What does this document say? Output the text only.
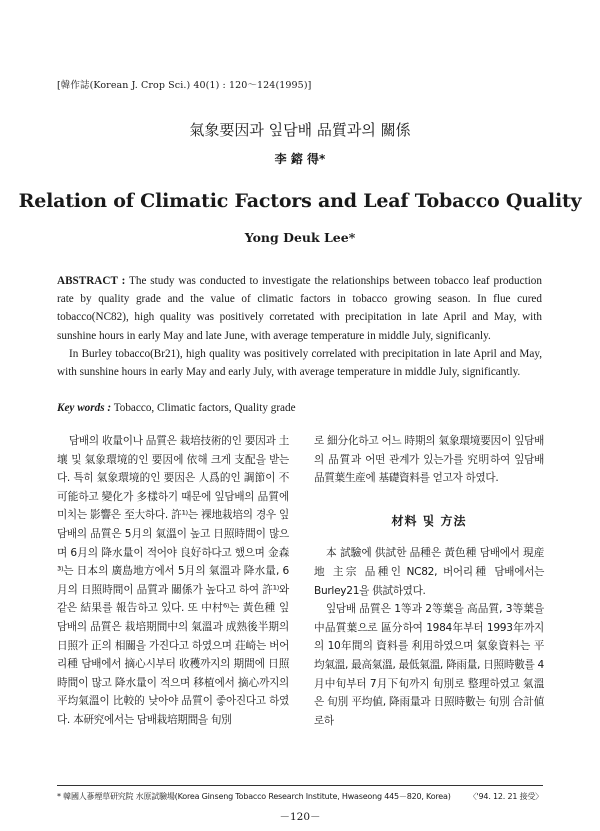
[韓作誌(Korean J. Crop Sci.) 40(1) : 120～124(1995)]
氣象要因과 잎담배 品質과의 關係
李 鎔 得*
Relation of Climatic Factors and Leaf Tobacco Quality
Yong Deuk Lee*

ABSTRACT : The study was conducted to investigate the relationships between tobacco leaf production rate by quality grade and the value of climatic factors in tobacco growing season. In flue cured tobacco(NC82), high quality was positively corretated with precipitation in late April and May, with sunshine hours in early May and late June, with average temperature in middle July, significanly.

In Burley tobacco(Br21), high quality was positively correlated with precipitation in late April and May, with sunshine hours in early May and early July, with average temperature in middle July, significantly.

Key words : Tobacco, Climatic factors, Quality grade

담배의 收量이나 品質은 栽培技術的인 要因과 土壤 및 氣象環境的인 要因에 依해 크게 支配을 받는다. 특히 氣象環境的인 要因은 人爲的인 調節이 不可能하고 變化가 多樣하기 때문에 잎담배의 品質에 미치는 影響은 至大하다. 許¹⁾는 裸地栽培의 경우 잎담배의 品質은 5月의 氣溫이 높고 日照時間이 많으며 6月의 降水量이 적어야 良好하다고 했으며 金森³⁾는 日本의 廣島地方에서 5月의 氣溫과 降水量, 6月의 日照時間이 品質과 關係가 높다고 하여 許¹⁾와 같은 結果를 報告하고 있다. 또 中村⁶⁾는 黃色種 잎담배의 品質은 栽培期間中의 氣溫과 成熟後半期의 日照가 正의 相關을 가진다고 하였으며 荘崎는 버어리種 담배에서 摘心시부터 收穫까지의 期間에 日照時間이 많고 降水量이 적으며 移植에서 摘心까지의 平均氣溫이 比較的 낮아야 品質이 좋아진다고 하였다. 本研究에서는 담배栽培期間을 旬別

로 細分化하고 어느 時期의 氣象環境要因이 잎담배의 品質과 어떤 관계가 있는가를 究明하여 잎담배 品質葉生産에 基礎資料를 얻고자 하였다.

材料 및 方法

本 試驗에 供試한 品種은 黃色種 담배에서 現産地 主宗 品種인 NC82, 버어리種 담배에서는 Burley21을 供試하였다.

잎담배 品質은 1等과 2等葉을 高品質, 3等葉을 中品質葉으로 區分하여 1984年부터 1993年까지의 10年間의 資料를 利用하였으며 氣象資料는 平均氣溫, 最高氣溫, 最低氣溫, 降雨量, 日照時數를 4月中旬부터 7月下旬까지 旬別로 整理하였고 氣溫은 旬別 平均値, 降雨量과 日照時數는 旬別 合計値로하

* 韓國人蔘煙草研究院 水原試驗場(Korea Ginseng Tobacco Research Institute, Hwaseong 445－820, Korea) 〈'94. 12. 21 接受〉
－120－
